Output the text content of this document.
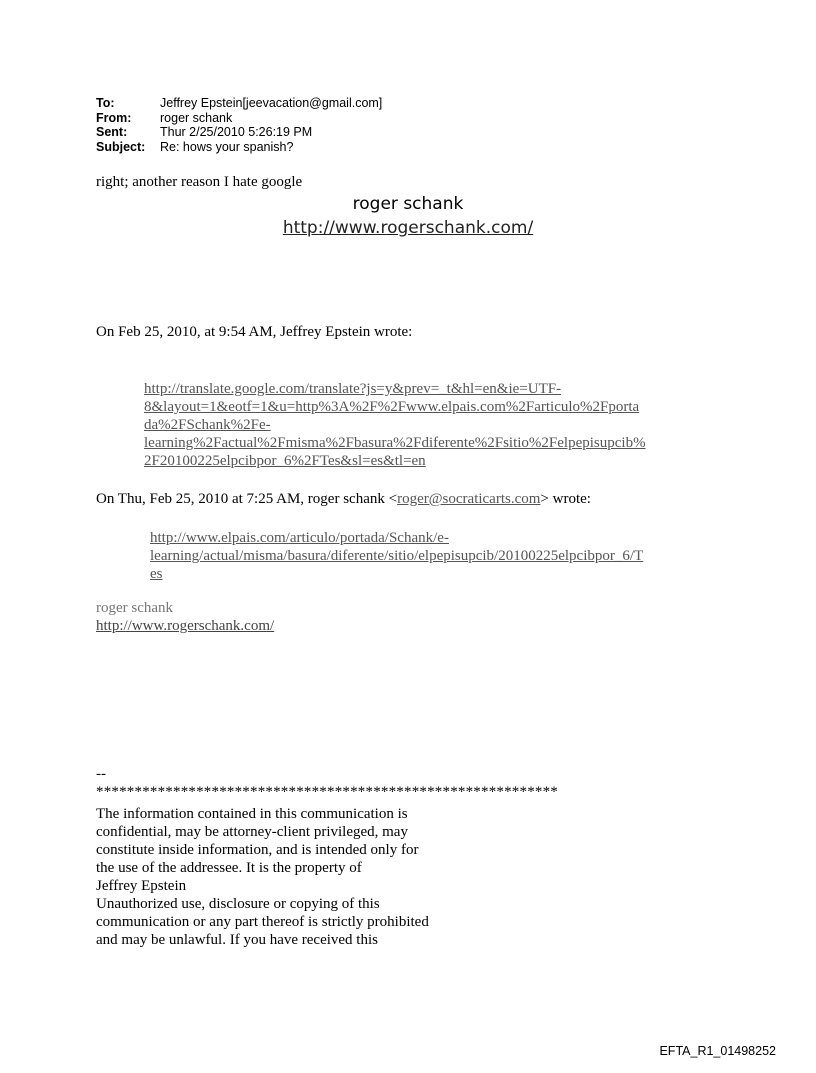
To:	Jeffrey Epstein[jeevacation@gmail.com]
From:	roger schank
Sent:	Thur 2/25/2010 5:26:19 PM
Subject:	Re: hows your spanish?
right; another reason I hate google
roger schank
http://www.rogerschank.com/
On Feb 25, 2010, at 9:54 AM, Jeffrey Epstein wrote:
http://translate.google.com/translate?js=y&prev=_t&hl=en&ie=UTF-
8&layout=1&eotf=1&u=http%3A%2F%2Fwww.elpais.com%2Farticulo%2Fporta
da%2FSchank%2Fe-
learning%2Factual%2Fmisma%2Fbasura%2Fdiferente%2Fsitio%2Felpepisupcib%
2F20100225elpcibpor_6%2FTes&sl=es&tl=en
On Thu, Feb 25, 2010 at 7:25 AM, roger schank <roger@socraticarts.com> wrote:
http://www.elpais.com/articulo/portada/Schank/e-
learning/actual/misma/basura/diferente/sitio/elpepisupcib/20100225elpcibpor_6/T
es
roger schank
http://www.rogerschank.com/
--
************************************************************
The information contained in this communication is
confidential, may be attorney-client privileged, may
constitute inside information, and is intended only for
the use of the addressee. It is the property of
Jeffrey Epstein
Unauthorized use, disclosure or copying of this
communication or any part thereof is strictly prohibited
and may be unlawful. If you have received this
EFTA_R1_01498252
